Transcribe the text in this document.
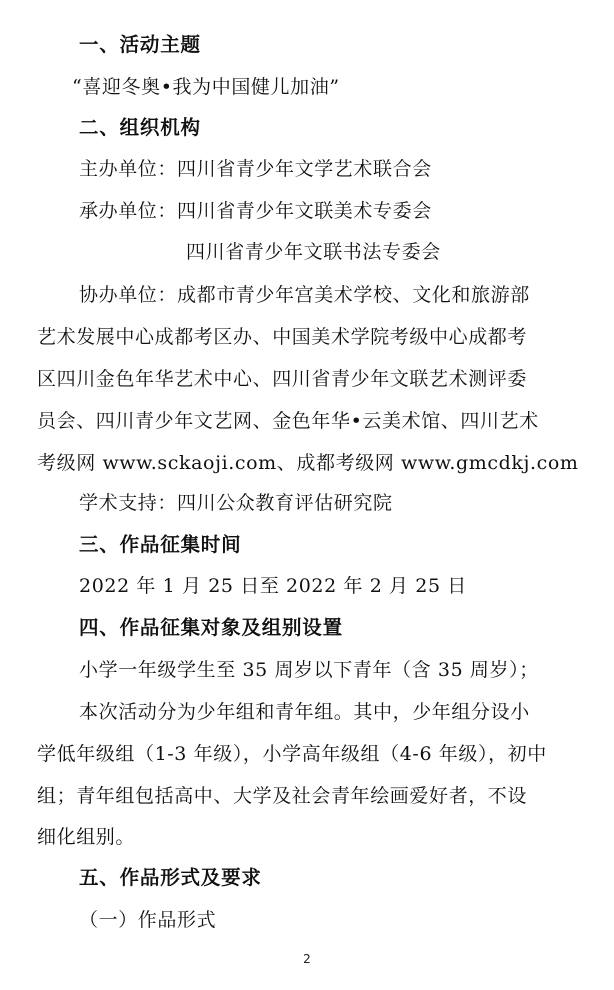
一、活动主题
“喜迎冬奥•我为中国健儿加油”
二、组织机构
主办单位：四川省青少年文学艺术联合会
承办单位：四川省青少年文联美术专委会
四川省青少年文联书法专委会
协办单位：成都市青少年宫美术学校、文化和旅游部
艺术发展中心成都考区办、中国美术学院考级中心成都考
区四川金色年华艺术中心、四川省青少年文联艺术测评委
员会、四川青少年文艺网、金色年华•云美术馆、四川艺术
考级网 www.sckaoji.com、成都考级网 www.gmcdkj.com
学术支持：四川公众教育评估研究院
三、作品征集时间
2022 年 1 月 25 日至 2022 年 2 月 25 日
四、作品征集对象及组别设置
小学一年级学生至 35 周岁以下青年（含 35 周岁）；
本次活动分为少年组和青年组。其中，少年组分设小
学低年级组（1-3 年级），小学高年级组（4-6 年级），初中
组；青年组包括高中、大学及社会青年绘画爱好者，不设
细化组别。
五、作品形式及要求
（一）作品形式
2
